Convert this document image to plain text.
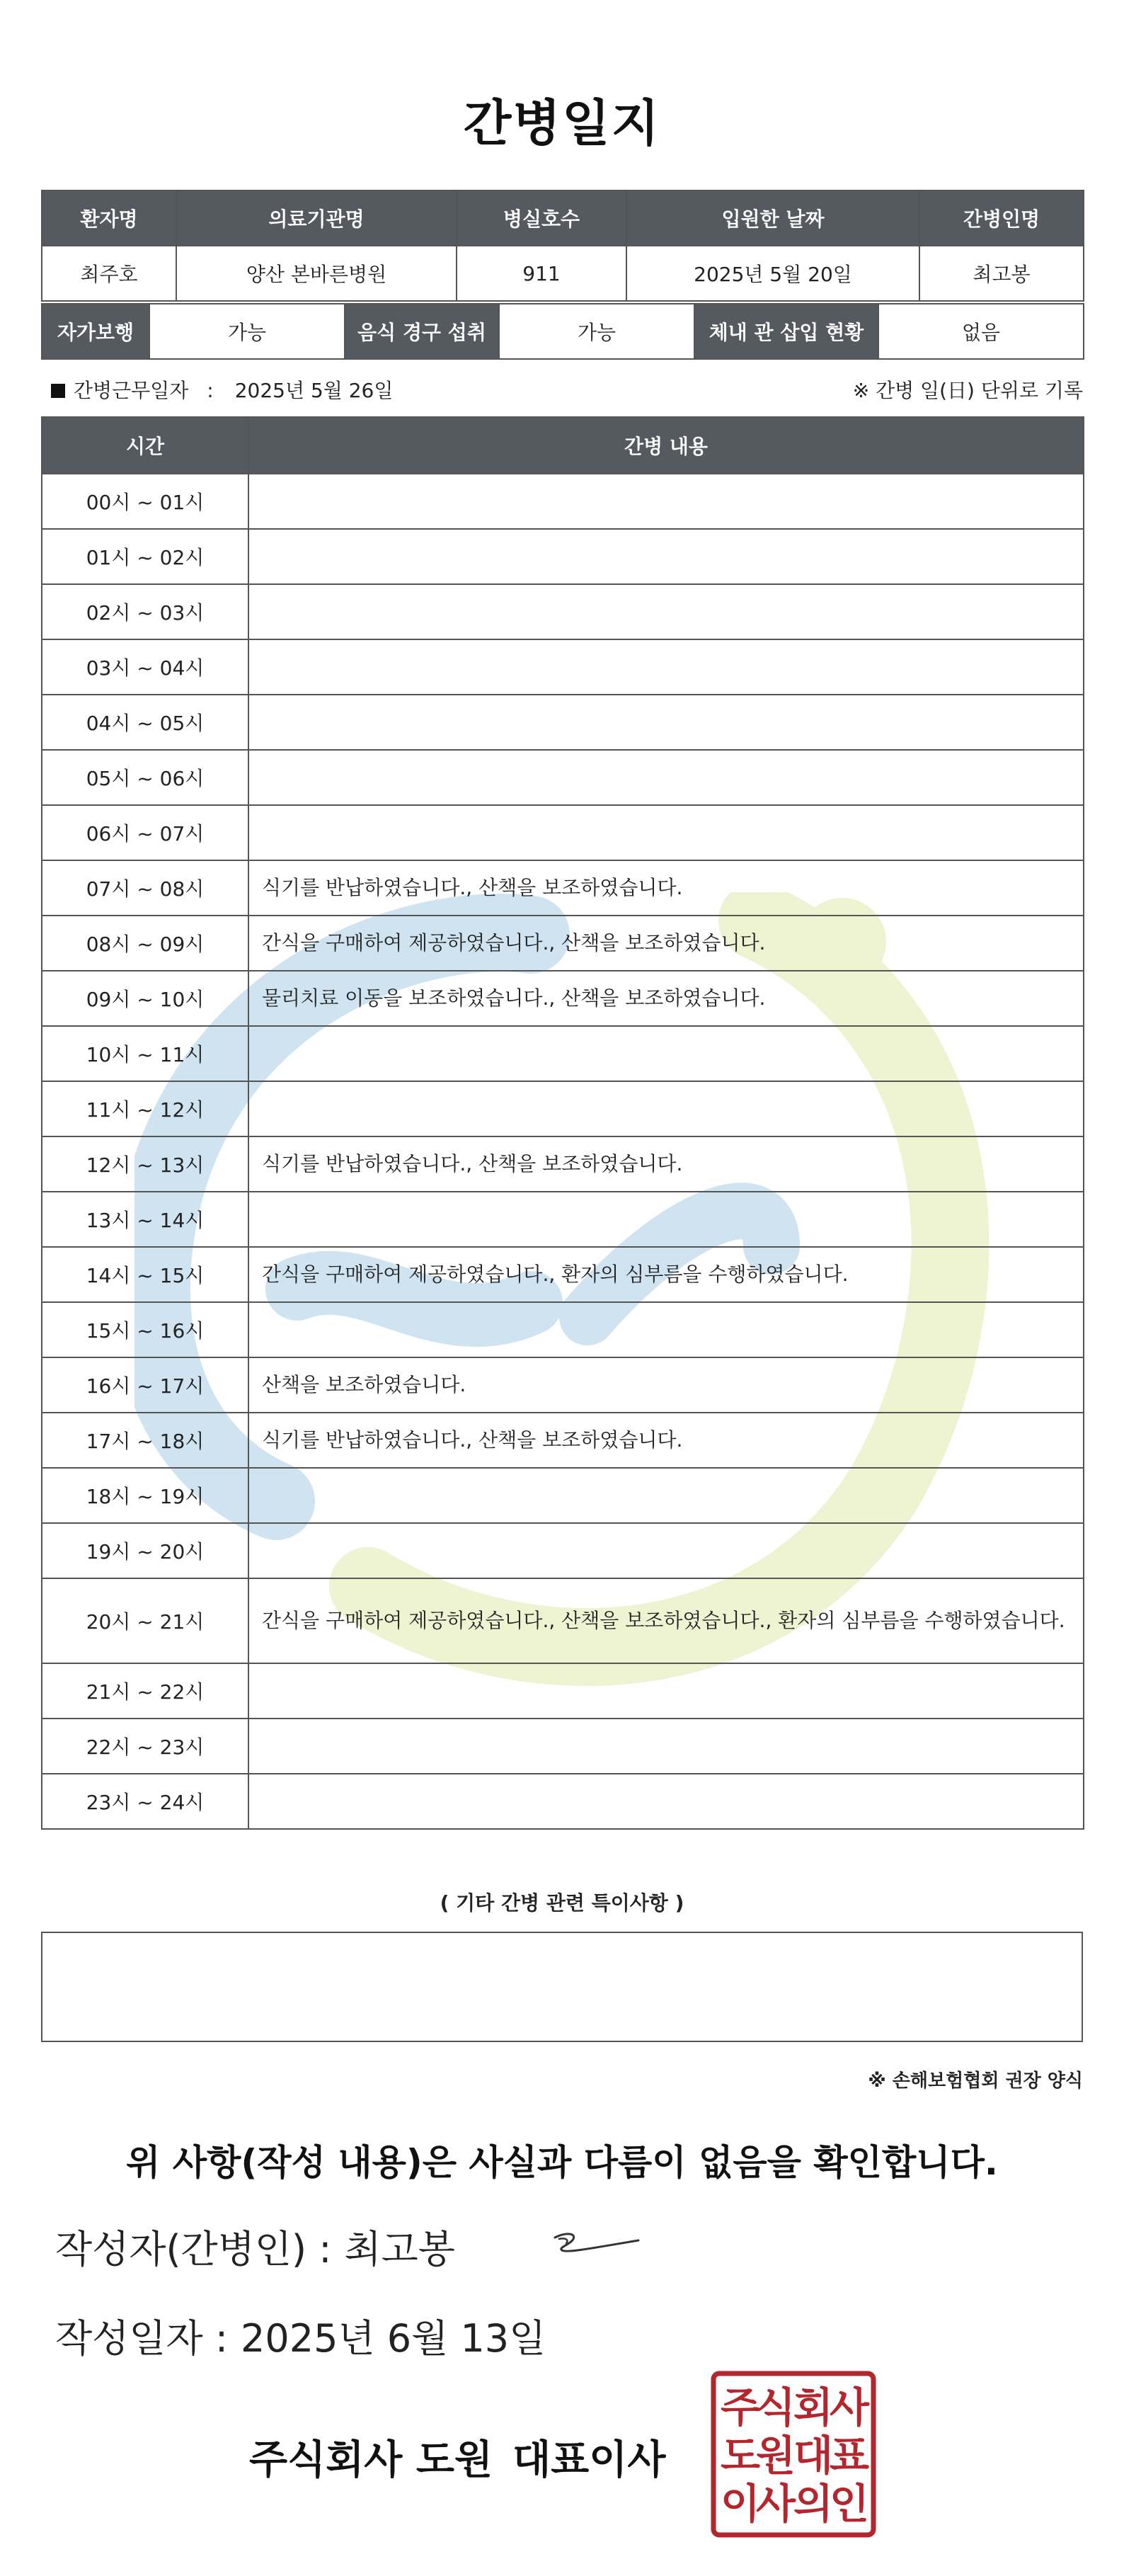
간병일지
환자명	의료기관명	병실호수	입원한 날짜	간병인명
최주호	양산 본바른병원	911	2025년 5월 20일	최고봉
자가보행	가능	음식 경구 섭취	가능	체내 관 삽입 현황	없음
간병근무일자 : 2025년 5월 26일	※ 간병 일(日) 단위로 기록
시간	간병 내용
00시 ~ 01시	
01시 ~ 02시	
02시 ~ 03시	
03시 ~ 04시	
04시 ~ 05시	
05시 ~ 06시	
06시 ~ 07시	
07시 ~ 08시	식기를 반납하였습니다., 산책을 보조하였습니다.
08시 ~ 09시	간식을 구매하여 제공하였습니다., 산책을 보조하였습니다.
09시 ~ 10시	물리치료 이동을 보조하였습니다., 산책을 보조하였습니다.
10시 ~ 11시	
11시 ~ 12시	
12시 ~ 13시	식기를 반납하였습니다., 산책을 보조하였습니다.
13시 ~ 14시	
14시 ~ 15시	간식을 구매하여 제공하였습니다., 환자의 심부름을 수행하였습니다.
15시 ~ 16시	
16시 ~ 17시	산책을 보조하였습니다.
17시 ~ 18시	식기를 반납하였습니다., 산책을 보조하였습니다.
18시 ~ 19시	
19시 ~ 20시	
20시 ~ 21시	간식을 구매하여 제공하였습니다., 산책을 보조하였습니다., 환자의 심부름을 수행하였습니다.
21시 ~ 22시	
22시 ~ 23시	
23시 ~ 24시	
( 기타 간병 관련 특이사항 )
※ 손해보험협회 권장 양식
위 사항(작성 내용)은 사실과 다름이 없음을 확인합니다.
작성자(간병인) : 최고봉
작성일자 : 2025년 6월 13일
주식회사 도원 대표이사
주
식
회
사
도
원
대
표
이
사
의
인
